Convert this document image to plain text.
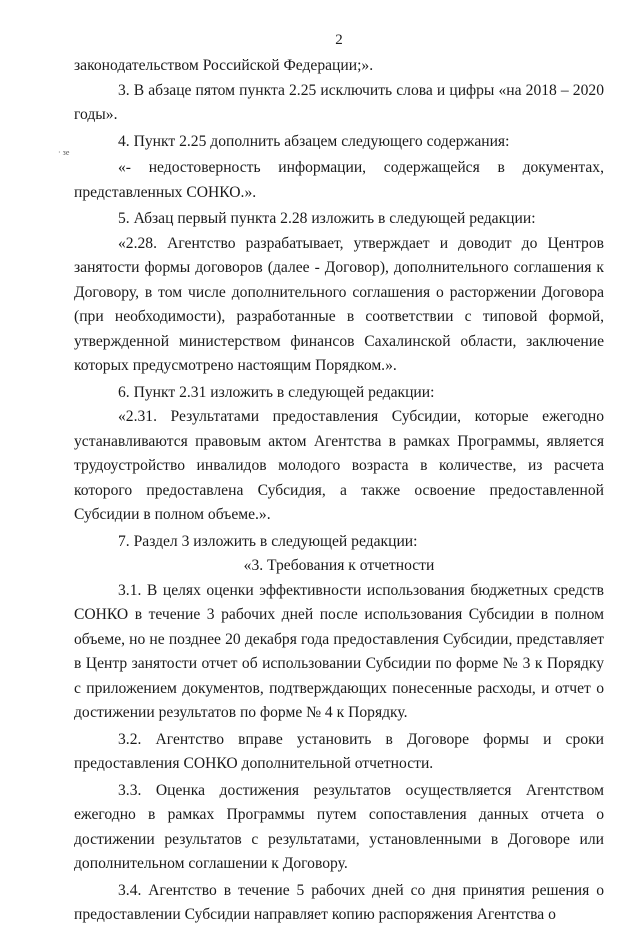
2
· зе

законодательством Российской Федерации;».

3. В абзаце пятом пункта 2.25 исключить слова и цифры «на 2018 – 2020 годы».

4. Пункт 2.25 дополнить абзацем следующего содержания:

«- недостоверность информации, содержащейся в документах, представленных СОНКО.».

5. Абзац первый пункта 2.28 изложить в следующей редакции:

«2.28. Агентство разрабатывает, утверждает и доводит до Центров занятости формы договоров (далее - Договор), дополнительного соглашения к Договору, в том числе дополнительного соглашения о расторжении Договора (при необходимости), разработанные в соответствии с типовой формой, утвержденной министерством финансов Сахалинской области, заключение которых предусмотрено настоящим Порядком.».

6. Пункт 2.31 изложить в следующей редакции:

«2.31. Результатами предоставления Субсидии, которые ежегодно устанавливаются правовым актом Агентства в рамках Программы, является трудоустройство инвалидов молодого возраста в количестве, из расчета которого предоставлена Субсидия, а также освоение предоставленной Субсидии в полном объеме.».

7. Раздел 3 изложить в следующей редакции:

«3. Требования к отчетности

3.1. В целях оценки эффективности использования бюджетных средств СОНКО в течение 3 рабочих дней после использования Субсидии в полном объеме, но не позднее 20 декабря года предоставления Субсидии, представляет в Центр занятости отчет об использовании Субсидии по форме № 3 к Порядку с приложением документов, подтверждающих понесенные расходы, и отчет о достижении результатов по форме № 4 к Порядку.

3.2. Агентство вправе установить в Договоре формы и сроки предоставления СОНКО дополнительной отчетности.

3.3. Оценка достижения результатов осуществляется Агентством ежегодно в рамках Программы путем сопоставления данных отчета о достижении результатов с результатами, установленными в Договоре или дополнительном соглашении к Договору.

3.4. Агентство в течение 5 рабочих дней со дня принятия решения о предоставлении Субсидии направляет копию распоряжения Агентства о
